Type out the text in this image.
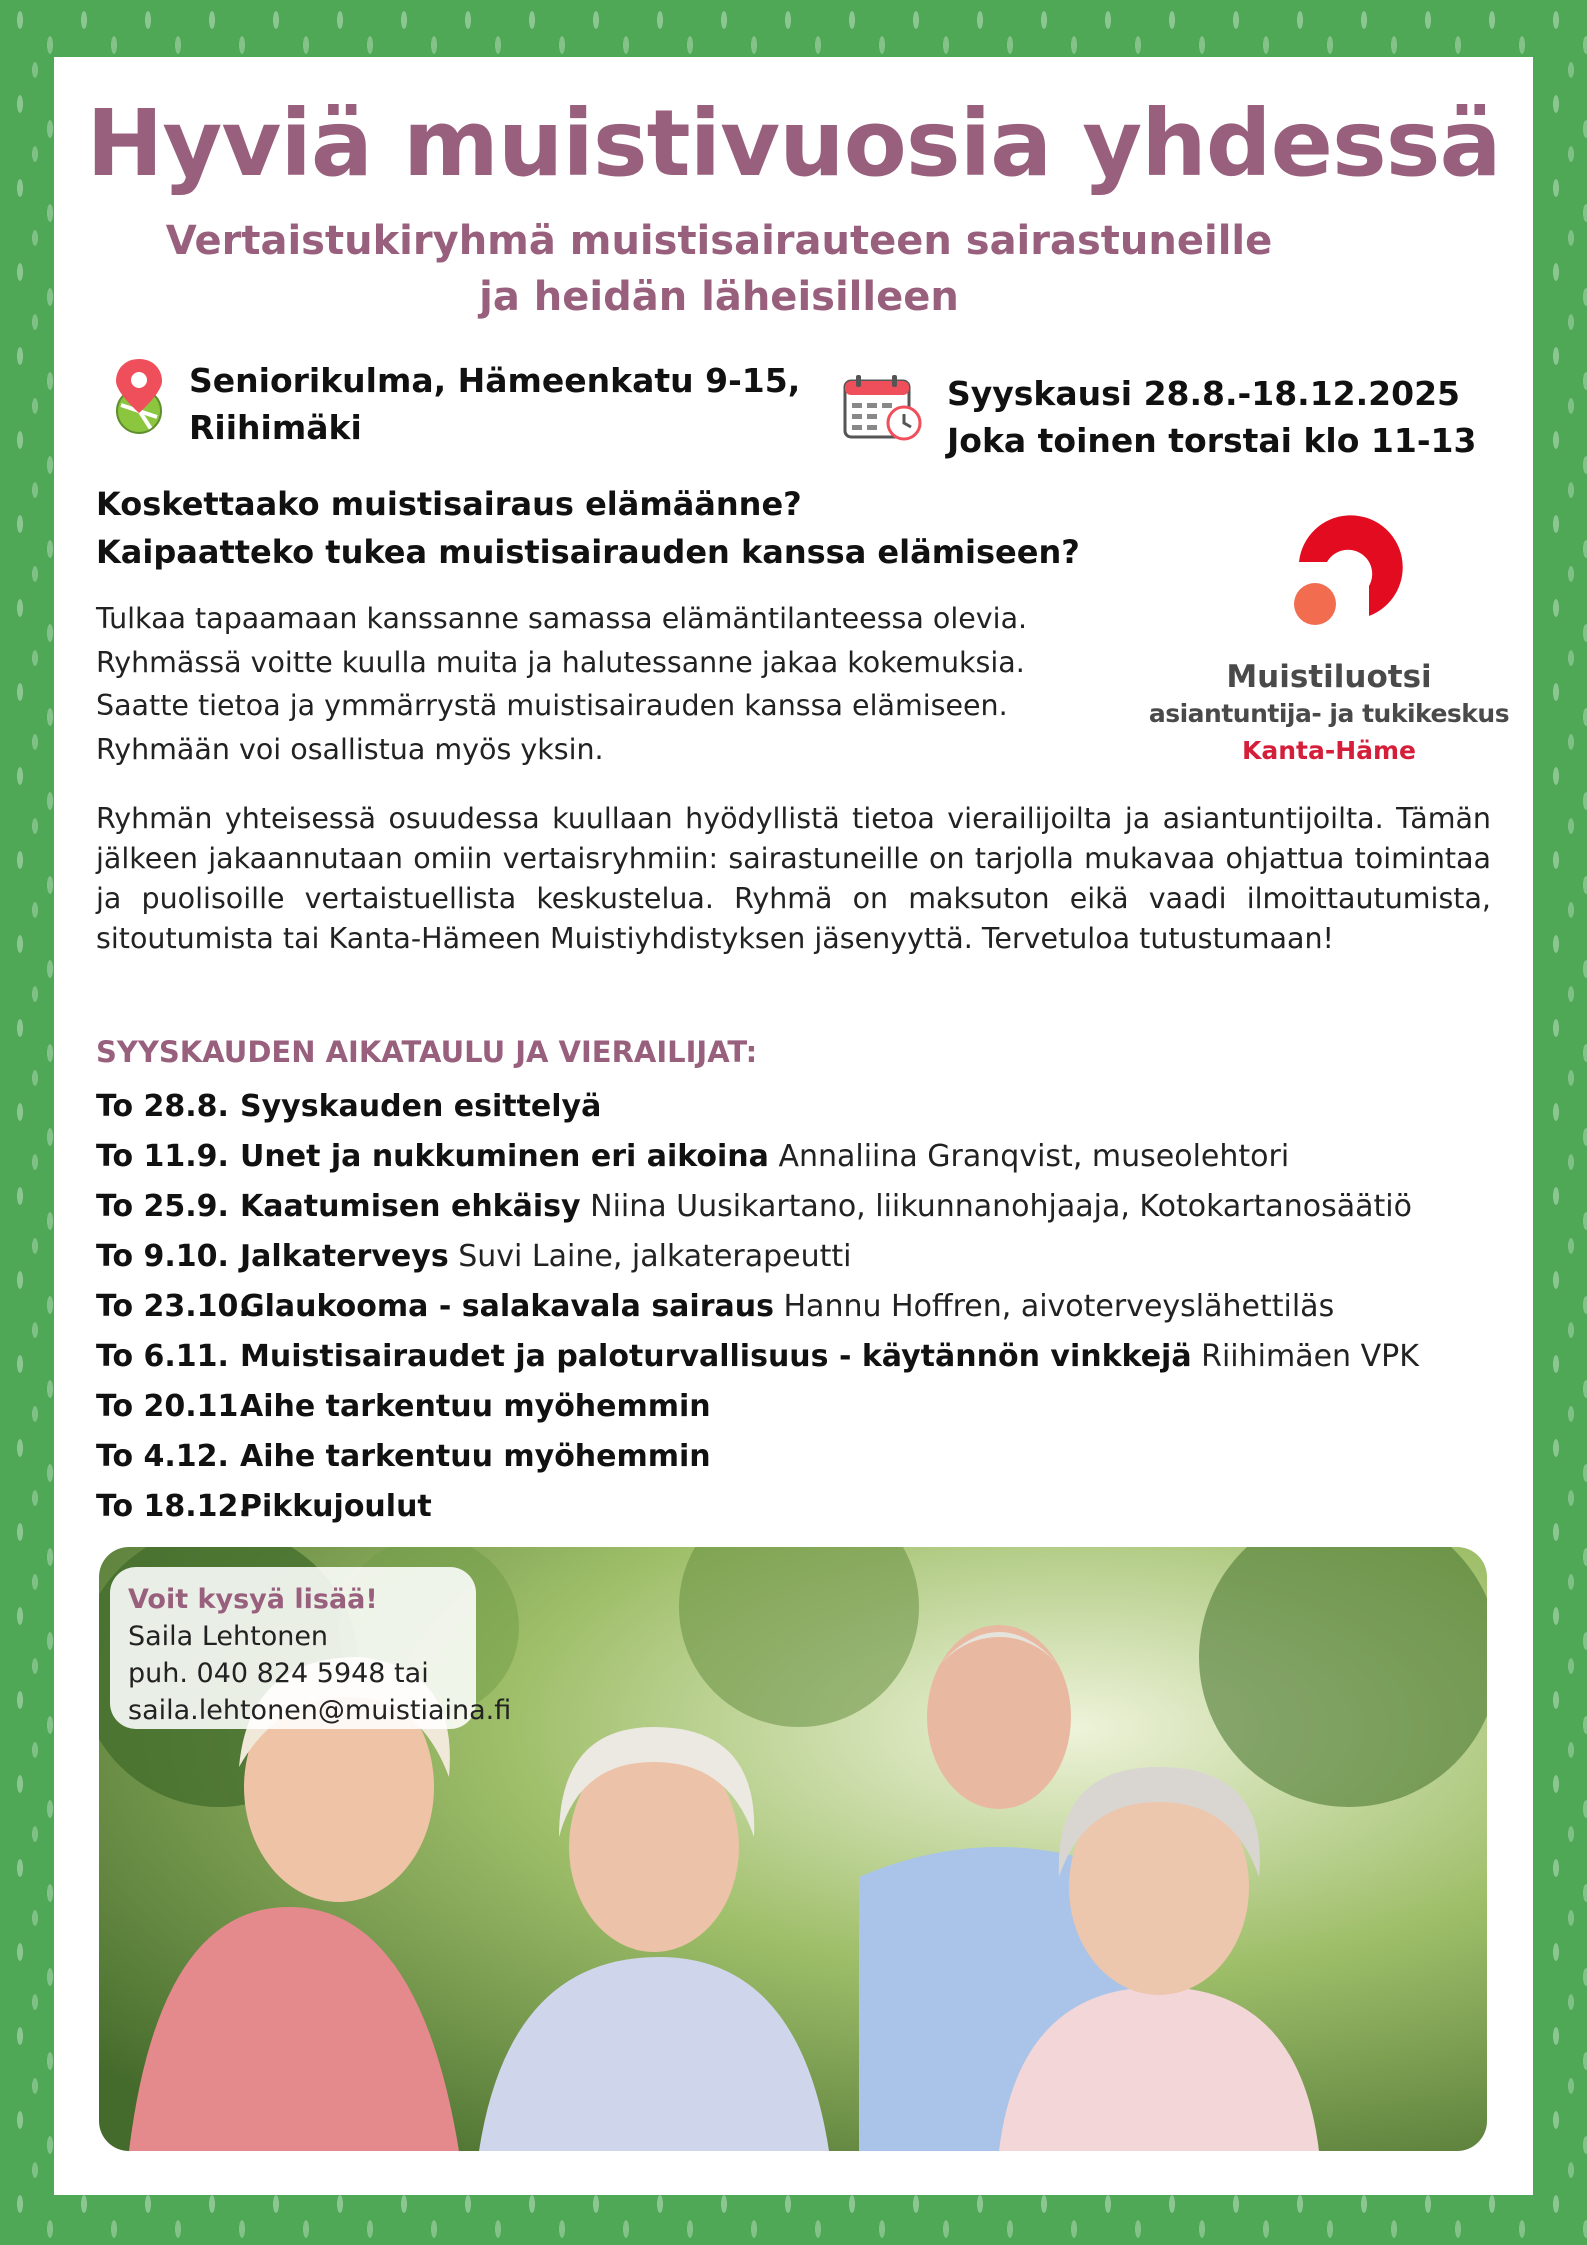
Hyviä muistivuosia yhdessä
Vertaistukiryhmä muistisairauteen sairastuneille
ja heidän läheisilleen
Seniorikulma, Hämeenkatu 9-15,
Riihimäki
Syyskausi 28.8.-18.12.2025
Joka toinen torstai klo 11-13
Koskettaako muistisairaus elämäänne?
Kaipaatteko tukea muistisairauden kanssa elämiseen?
Tulkaa tapaamaan kanssanne samassa elämäntilanteessa olevia.
Ryhmässä voitte kuulla muita ja halutessanne jakaa kokemuksia.
Saatte tietoa ja ymmärrystä muistisairauden kanssa elämiseen.
Ryhmään voi osallistua myös yksin.
Muistiluotsi
asiantuntija- ja tukikeskus
Kanta-Häme
Ryhmän yhteisessä osuudessa kuullaan hyödyllistä tietoa vierailijoilta ja asiantuntijoilta. Tämän jälkeen jakaannutaan omiin vertaisryhmiin: sairastuneille on tarjolla mukavaa ohjattua toimintaa ja puolisoille vertaistuellista keskustelua. Ryhmä on maksuton eikä vaadi ilmoittautumista, sitoutumista tai Kanta-Hämeen Muistiyhdistyksen jäsenyyttä. Tervetuloa tutustumaan!
SYYSKAUDEN AIKATAULU JA VIERAILIJAT:
To 28.8. Syyskauden esittelyä
To 11.9. Unet ja nukkuminen eri aikoina Annaliina Granqvist, museolehtori
To 25.9. Kaatumisen ehkäisy Niina Uusikartano, liikunnanohjaaja, Kotokartanosäätiö
To 9.10. Jalkaterveys Suvi Laine, jalkaterapeutti
To 23.10.Glaukooma - salakavala sairaus Hannu Hoffren, aivoterveyslähettiläs
To 6.11. Muistisairaudet ja paloturvallisuus - käytännön vinkkejä Riihimäen VPK
To 20.11.Aihe tarkentuu myöhemmin
To 4.12. Aihe tarkentuu myöhemmin
To 18.12.Pikkujoulut
Voit kysyä lisää!
Saila Lehtonen
puh. 040 824 5948 tai
saila.lehtonen@muistiaina.fi
